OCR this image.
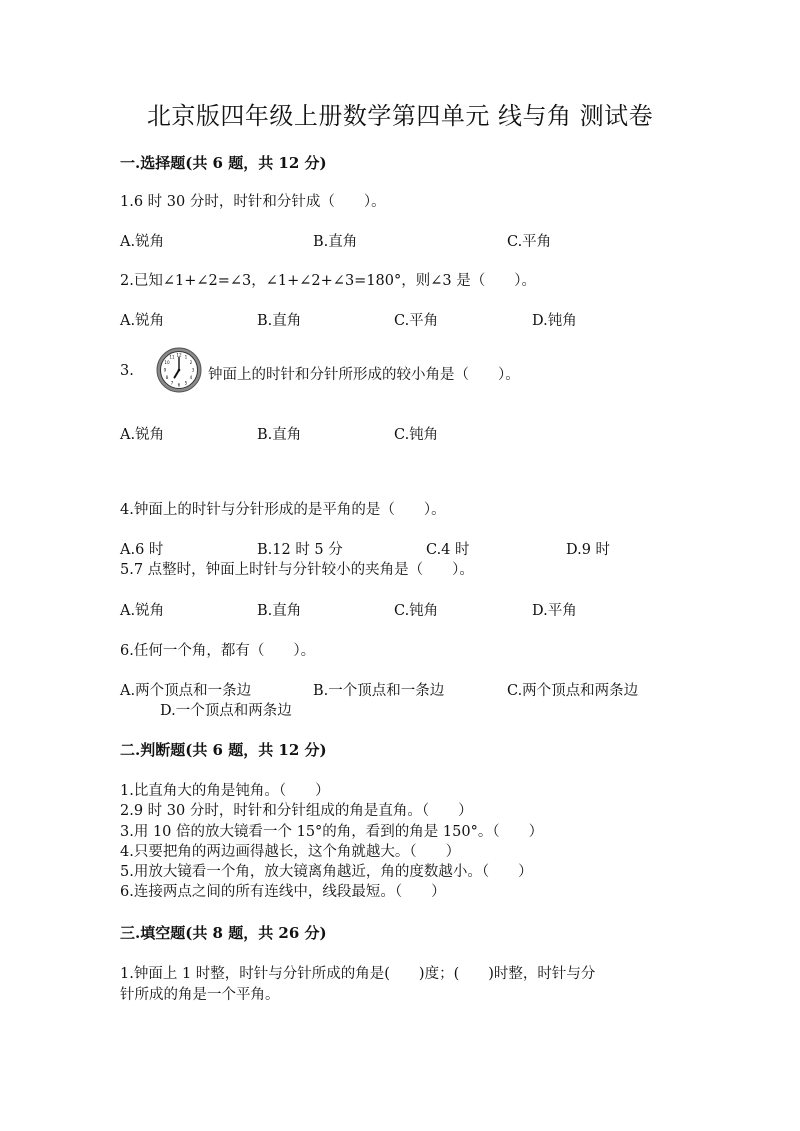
北京版四年级上册数学第四单元 线与角 测试卷
一.选择题(共 6 题，共 12 分)
1.6 时 30 分时，时针和分针成（　　）。
A.锐角	B.直角	C.平角
2.已知∠1+∠2=∠3，∠1+∠2+∠3=180°，则∠3 是（　　）。
A.锐角	B.直角	C.平角	D.钝角
3.
12 1
2
3
4
5
6
7
8
9
10
11
钟面上的时针和分针所形成的较小角是（　　）。
A.锐角	B.直角	C.钝角
4.钟面上的时针与分针形成的是平角的是（　　）。
A.6 时	B.12 时 5 分	C.4 时	D.9 时
5.7 点整时，钟面上时针与分针较小的夹角是（　　）。
A.锐角	B.直角	C.钝角	D.平角
6.任何一个角，都有（　　）。
A.两个顶点和一条边	B.一个顶点和一条边	C.两个顶点和两条边
D.一个顶点和两条边
二.判断题(共 6 题，共 12 分)
1.比直角大的角是钝角。（　　）
2.9 时 30 分时，时针和分针组成的角是直角。（　　）
3.用 10 倍的放大镜看一个 15°的角，看到的角是 150°。（　　）
4.只要把角的两边画得越长，这个角就越大。（　　）
5.用放大镜看一个角，放大镜离角越近，角的度数越小。（　　）
6.连接两点之间的所有连线中，线段最短。（　　）
三.填空题(共 8 题，共 26 分)
1.钟面上 1 时整，时针与分针所成的角是(　　)度；(　　)时整，时针与分
针所成的角是一个平角。
